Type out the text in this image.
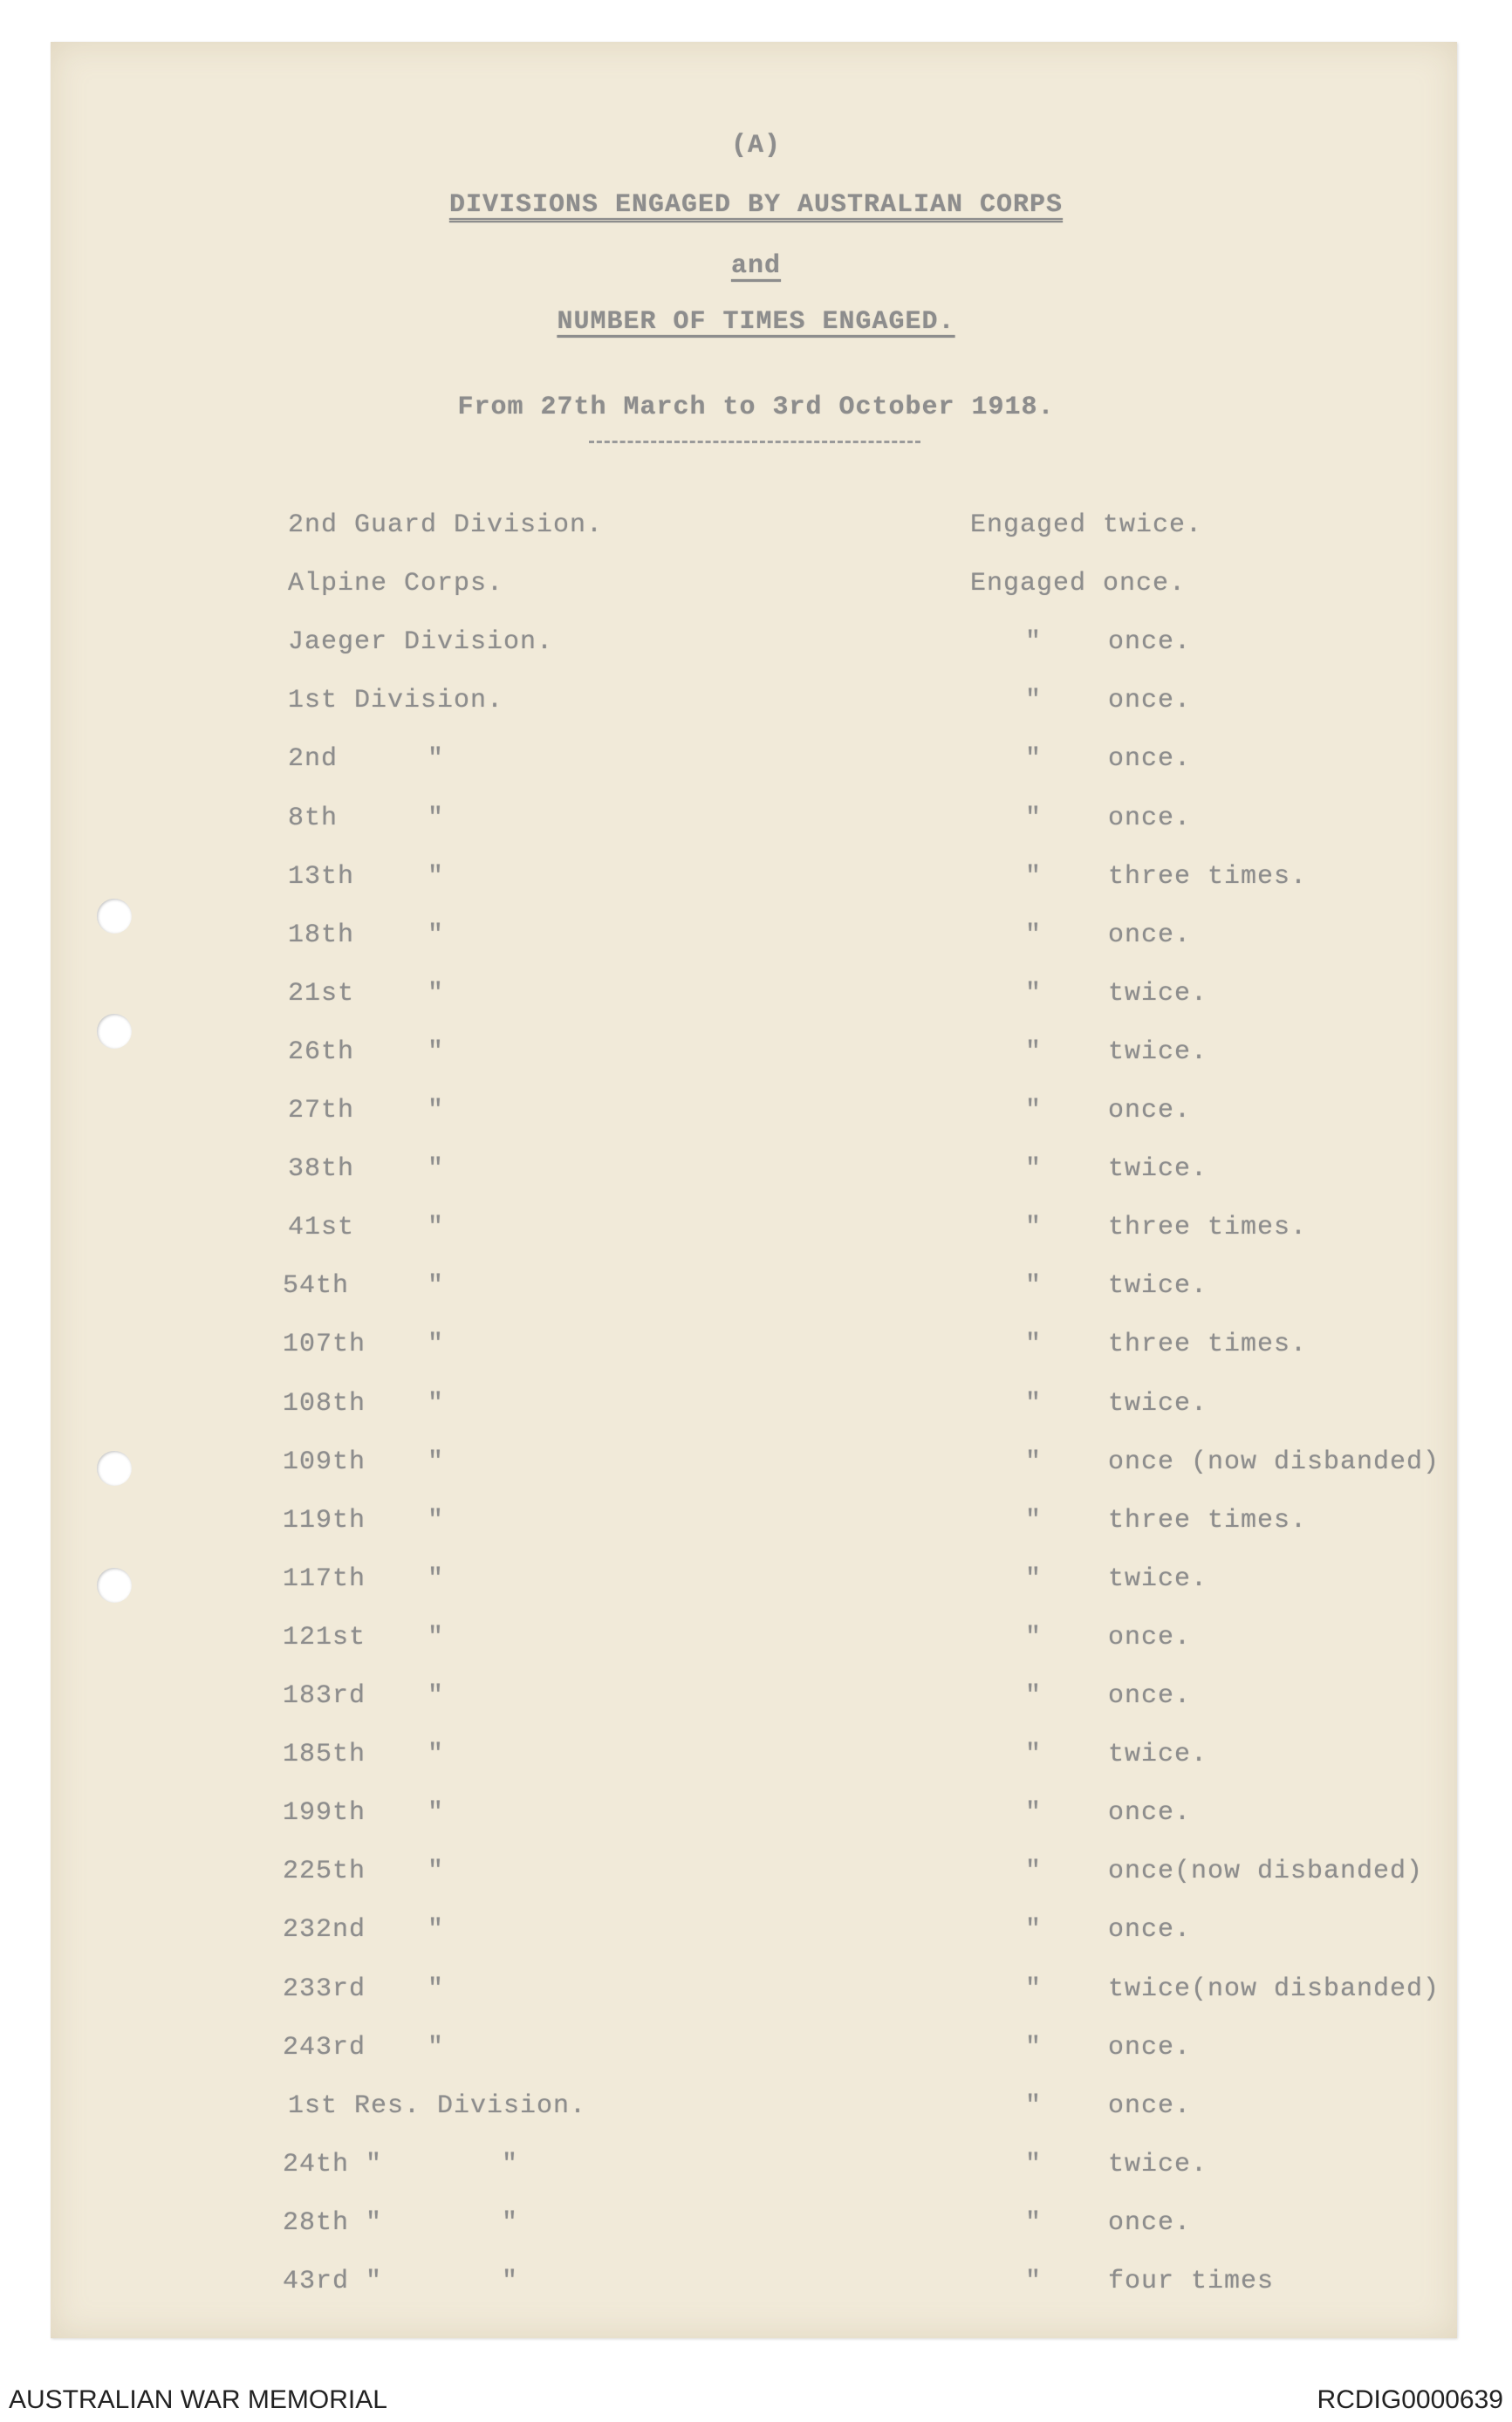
(A)
DIVISIONS ENGAGED BY AUSTRALIAN CORPS
and
NUMBER OF TIMES ENGAGED.
From 27th March to 3rd October 1918.
2nd Guard Division.	Engaged twice.
Alpine Corps.	Engaged once.
Jaeger Division.	"	once.
1st Division.	"	once.
2nd	"	"	once.
8th	"	"	once.
13th	"	"	three times.
18th	"	"	once.
21st	"	"	twice.
26th	"	"	twice.
27th	"	"	once.
38th	"	"	twice.
41st	"	"	three times.
54th	"	"	twice.
107th "	"	three times.
108th "	"	twice.
109th "	"	once (now disbanded)
119th "	"	three times.
117th "	"	twice.
121st "	"	once.
183rd "	"	once.
185th "	"	twice.
199th "	"	once.
225th "	"	once(now disbanded)
232nd "	"	once.
233rd "	"	twice(now disbanded)
243rd "	"	once.
1st Res. Division.	"	once.
24th "	"	"	twice.
28th "	"	"	once.
43rd "	"	"	four times
AUSTRALIAN WAR MEMORIAL	RCDIG0000639
